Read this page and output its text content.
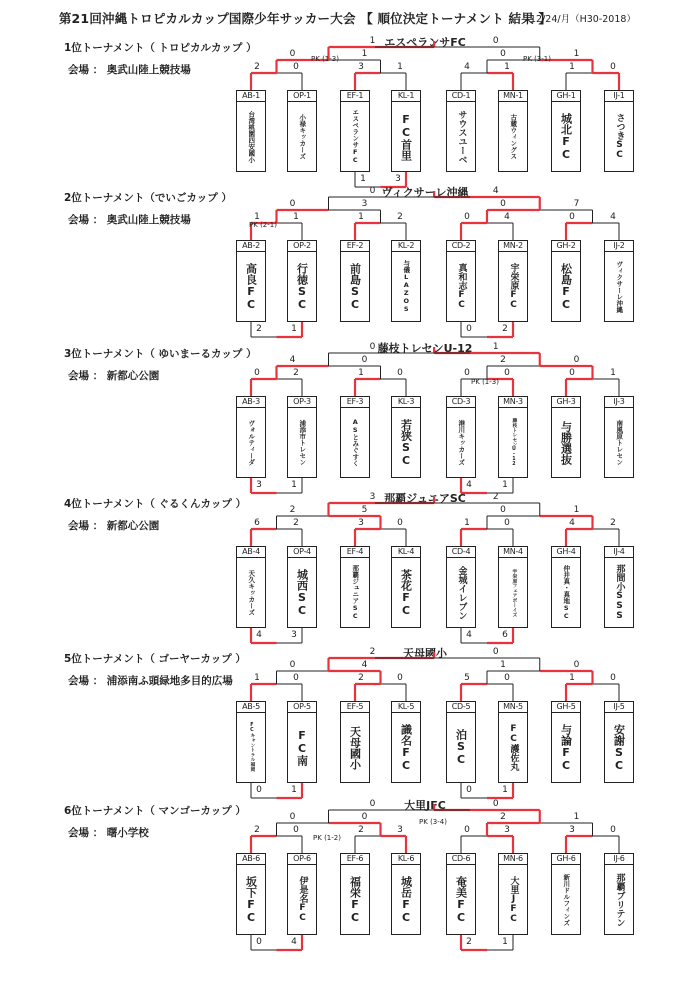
第21回沖縄トロピカルカップ国際少年サッカー大会 【 順位決定トーナメント 結果 】
12/24/月（H30-2018）
1位トーナメント（ トロピカルカップ ）
会場 ： 奥武山陸上競技場
エスペランサFC
2	0	3	1	4	1	1	0
0	1	0	1
1	0
1	3
AB-1
台湾桃園四安國小
OP-1
小禄キッカーズ
EF-1
エスペランサFC
KL-1
FC首里
CD-1
サウスユーベ
MN-1
古蔵ウィングス
GH-1
城北FC
IJ-1
さつきSC
PK (1-3)	PK (3-1)
2位トーナメント（でいごカップ ）
会場 ： 奥武山陸上競技場
ヴィクサーレ沖縄
1	1	1	2	0	4	0	4
0	3	0	7
0	4
2	1	0	2
AB-2
高良FC
OP-2
行徳SC
EF-2
前島SC
KL-2
与儀LAZOS
CD-2
真和志FC
MN-2
宇栄原FC
GH-2
松島FC
IJ-2
ヴィクサーレ沖縄
PK (2-1)
3位トーナメント（ ゆいまーるカップ ）
会場 ： 新都心公園
藤枝トレセンU-12
0	2	1	0	0	0	0	1
4	0	2	0
0	1
3	1	4	1
AB-3
ヴォルティーダ
OP-3
浦添市トレセン
EF-3
ASとみぐすく
KL-3
若狭SC
CD-3
港川キッカーズ
MN-3
藤枝トレセンU-12
GH-3
与勝選抜
IJ-3
南風原トレセン
PK (1-3)
4位トーナメント（ ぐるくんカップ ）
会場 ： 新都心公園
那覇ジュニアSC
6	2	3	0	1	0	4	2
2	5	0	1
3	2
4	3	4	6
AB-4
天久キッカーズ
OP-4
城西SC
EF-4
那覇ジュニアSC
KL-4
茶花FC
CD-4
金城イレブン
MN-4
宇栄原フェアボーイズ
GH-4
仲井真・真地SC
IJ-4
那間小SSS
5位トーナメント（ ゴーヤーカップ ）
会場 ： 浦添南ふ頭緑地多目的広場
天母國小
1	0	2	0	5	0	1	0
0	4	1	0
2	0
0	1	0	1
AB-5
FCキャントラル福岡
OP-5
FC南
EF-5
天母國小
KL-5
識名FC
CD-5
泊SC
MN-5
FC護佐丸
GH-5
与論FC
IJ-5
安謝SC
6位トーナメント（ マンゴーカップ ）
会場 ： 曙小学校
大里JFC
2	0	2	3	0	3	3	0
0	0	2	1
0	0
0	4	2	1
AB-6
坂下FC
OP-6
伊是名FC
EF-6
福栄FC
KL-6
城岳FC
CD-6
奄美FC
MN-6
大里JFC
GH-6
新川ドルフィンズ
IJ-6
那覇ブリテン
PK (1-2)
PK (3-4)
